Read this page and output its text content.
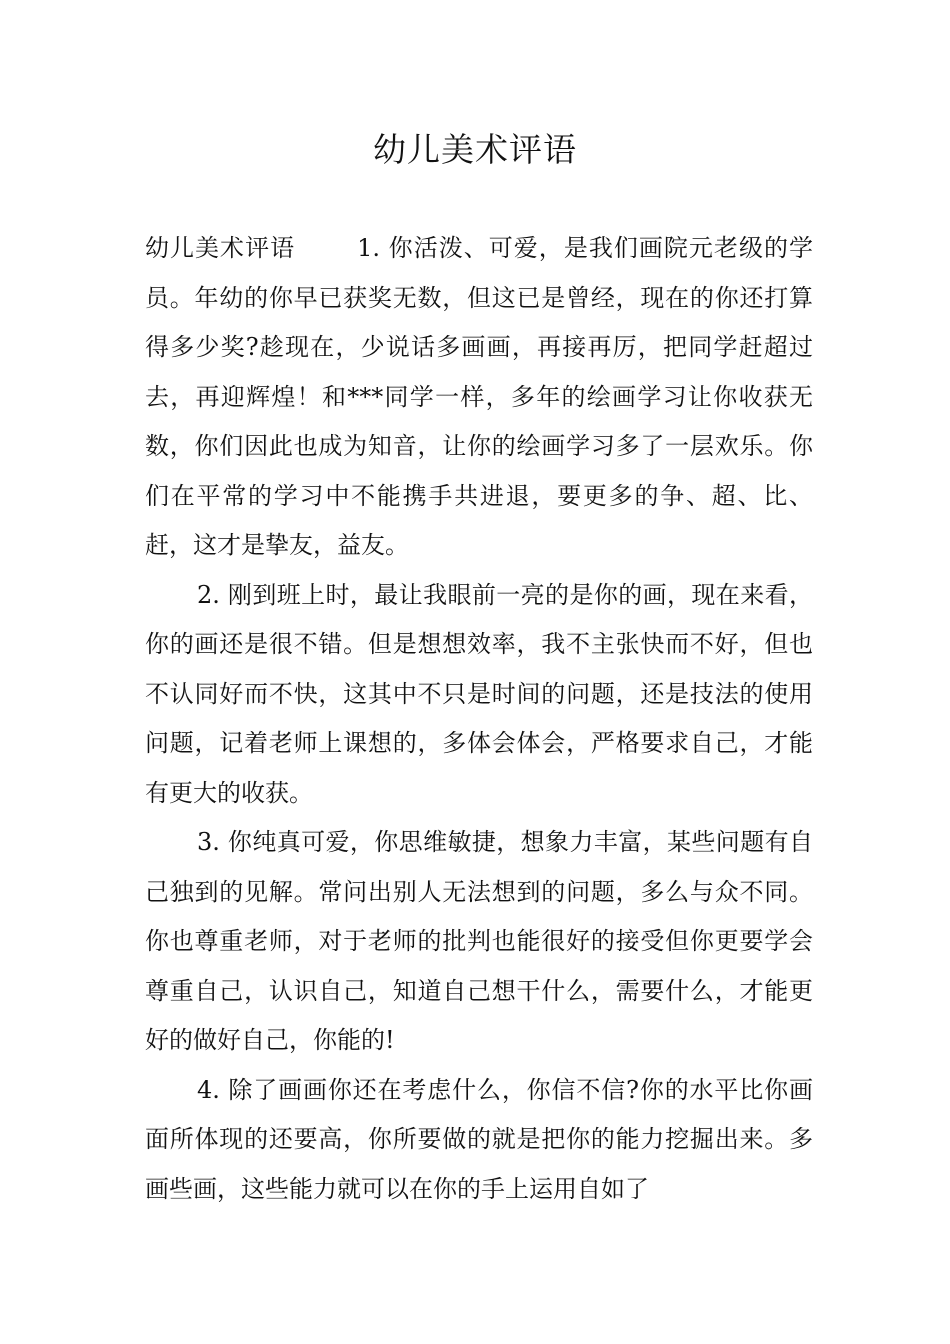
幼儿美术评语

幼儿美术评语	1. 你活泼、可爱，是我们画院元老级的学员。年幼的你早已获奖无数，但这已是曾经，现在的你还打算得多少奖?趁现在，少说话多画画，再接再厉，把同学赶超过去，再迎辉煌！和***同学一样，多年的绘画学习让你收获无数，你们因此也成为知音，让你的绘画学习多了一层欢乐。你们在平常的学习中不能携手共进退，要更多的争、超、比、赶，这才是挚友，益友。

2. 刚到班上时，最让我眼前一亮的是你的画，现在来看，你的画还是很不错。但是想想效率，我不主张快而不好，但也不认同好而不快，这其中不只是时间的问题，还是技法的使用问题，记着老师上课想的，多体会体会，严格要求自己，才能有更大的收获。

3. 你纯真可爱，你思维敏捷，想象力丰富，某些问题有自己独到的见解。常问出别人无法想到的问题，多么与众不同。你也尊重老师，对于老师的批判也能很好的接受但你更要学会尊重自己，认识自己，知道自己想干什么，需要什么，才能更好的做好自己，你能的!

4. 除了画画你还在考虑什么，你信不信?你的水平比你画面所体现的还要高，你所要做的就是把你的能力挖掘出来。多画些画，这些能力就可以在你的手上运用自如了
